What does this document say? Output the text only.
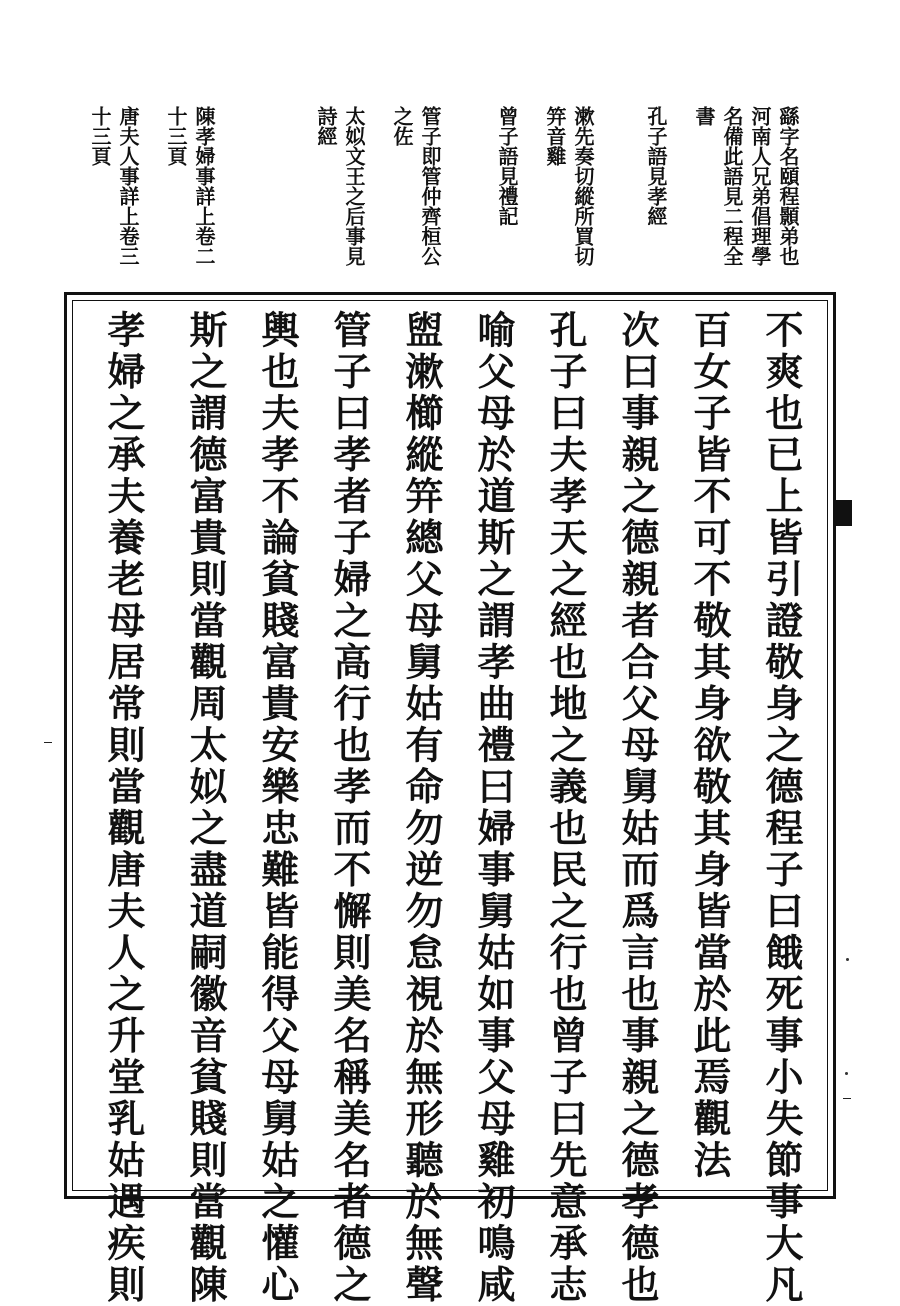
繇字名頤程顥弟也
河南人兄弟倡理學
名備此語見二程全
書
孔子語見孝經
漱先奏切縱所買切
笄音雞
曾子語見禮記
管子即管仲齊桓公
之佐
太姒文王之后事見
詩經
陳孝婦事詳上卷二
十三頁
唐夫人事詳上卷三
十三頁
不爽也已上皆引證敬身之德程子曰餓死事小失節事大凡
百女子皆不可不敬其身欲敬其身皆當於此焉觀法
次曰事親之德親者合父母舅姑而爲言也事親之德孝德也
孔子曰夫孝天之經也地之義也民之行也曾子曰先意承志
喻父母於道斯之謂孝曲禮曰婦事舅姑如事父母雞初鳴咸
盥漱櫛縱笄總父母舅姑有命勿逆勿怠視於無形聽於無聲
管子曰孝者子婦之高行也孝而不懈則美名稱美名者德之
輿也夫孝不論貧賤富貴安樂忠難皆能得父母舅姑之懽心
斯之謂德富貴則當觀周太姒之盡道嗣徽音貧賤則當觀陳
孝婦之承夫養老母居常則當觀唐夫人之升堂乳姑遇疾則
